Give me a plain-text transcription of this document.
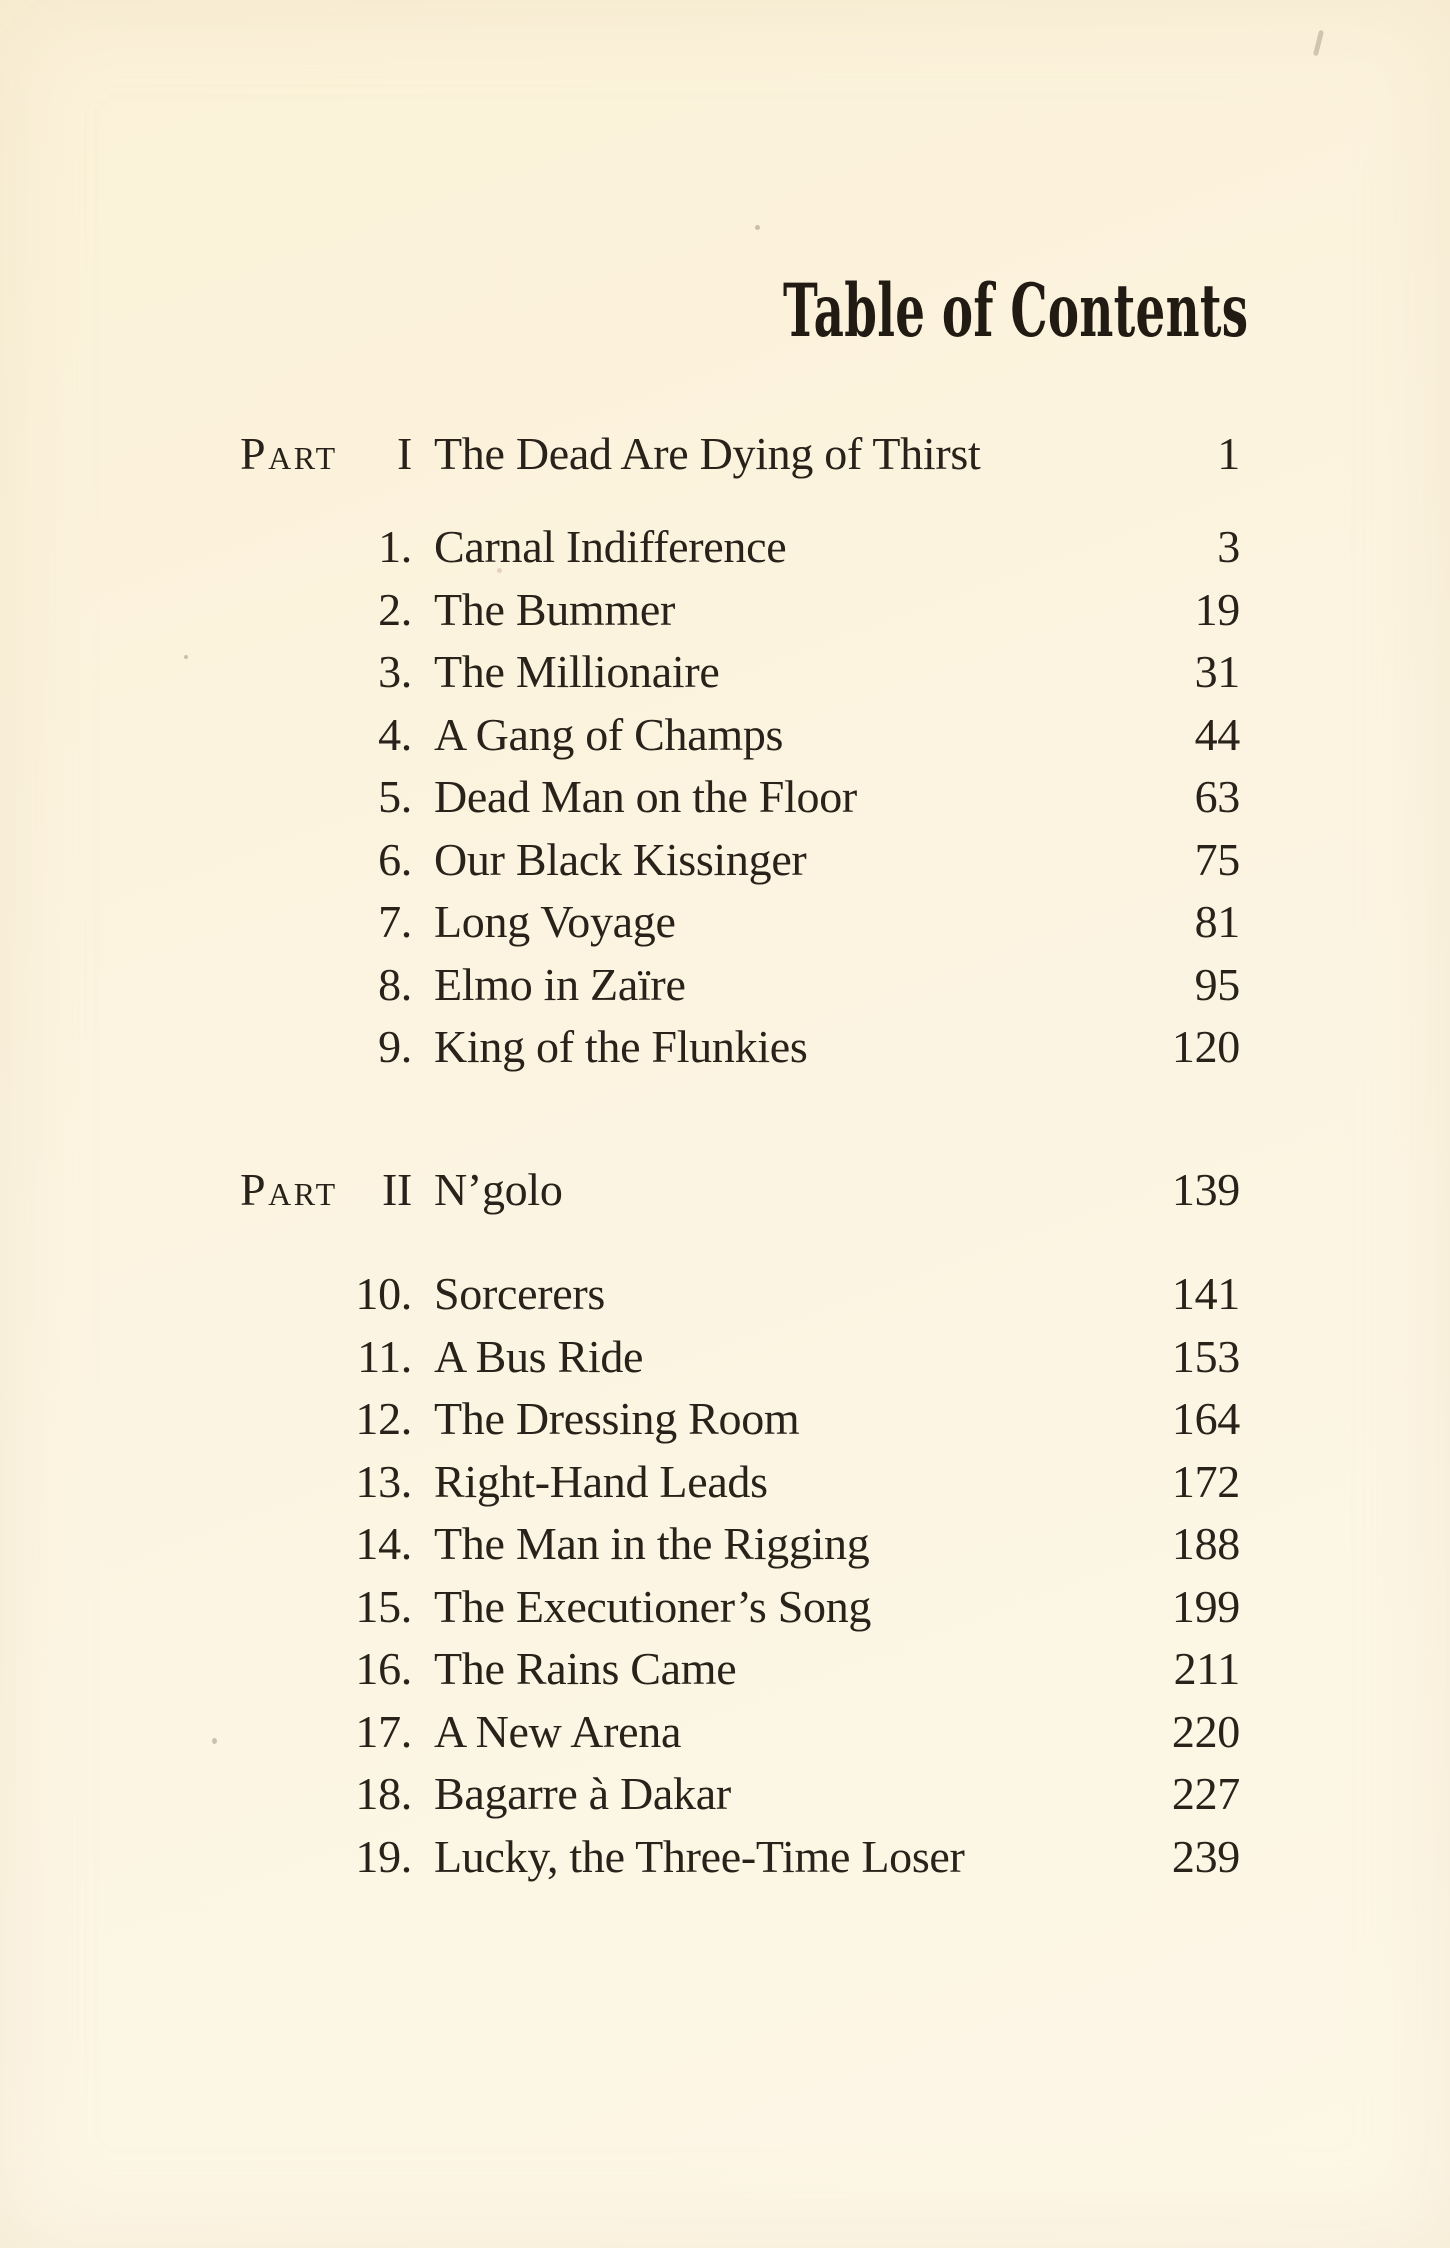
Table of Contents
Part I The Dead Are Dying of Thirst	1
1. Carnal Indifference	3
2. The Bummer	19
3. The Millionaire	31
4. A Gang of Champs	44
5. Dead Man on the Floor	63
6. Our Black Kissinger	75
7. Long Voyage	81
8. Elmo in Zaïre	95
9. King of the Flunkies	120
Part II N’golo	139
10. Sorcerers	141
11. A Bus Ride	153
12. The Dressing Room	164
13. Right-Hand Leads	172
14. The Man in the Rigging	188
15. The Executioner’s Song	199
16. The Rains Came	211
17. A New Arena	220
18. Bagarre à Dakar	227
19. Lucky, the Three-Time Loser	239
